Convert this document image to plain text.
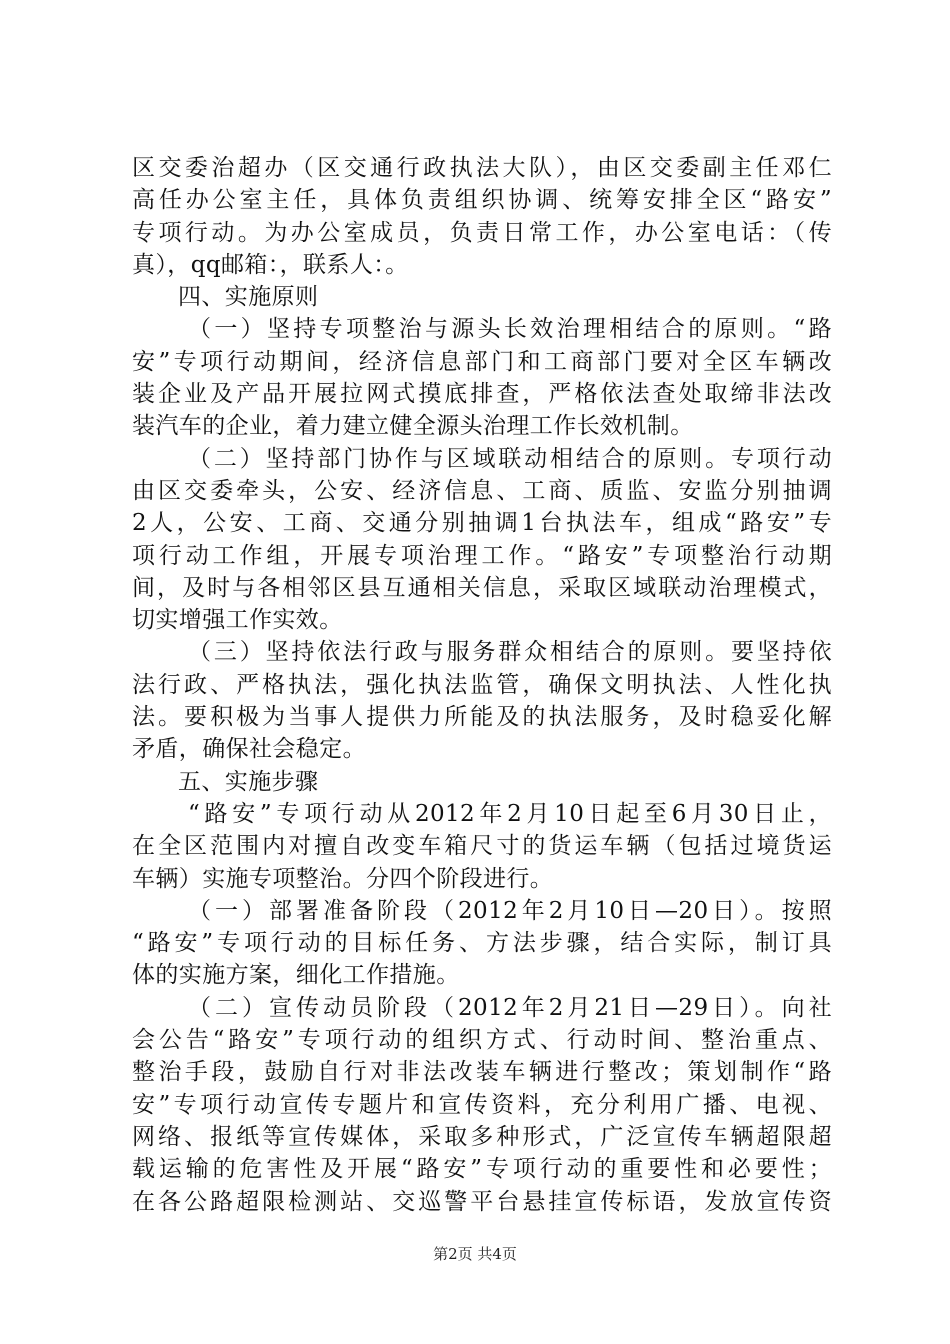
区交委治超办（区交通行政执法大队），由区交委副主任邓仁
高任办公室主任，具体负责组织协调、统筹安排全区“路安”
专项行动。为办公室成员，负责日常工作，办公室电话：（传
真），qq邮箱：，联系人：。
四、实施原则
（一）坚持专项整治与源头长效治理相结合的原则。“路
安”专项行动期间，经济信息部门和工商部门要对全区车辆改
装企业及产品开展拉网式摸底排查，严格依法查处取缔非法改
装汽车的企业，着力建立健全源头治理工作长效机制。
（二）坚持部门协作与区域联动相结合的原则。专项行动
由区交委牵头，公安、经济信息、工商、质监、安监分别抽调
2人，公安、工商、交通分别抽调1台执法车，组成“路安”专
项行动工作组，开展专项治理工作。“路安”专项整治行动期
间，及时与各相邻区县互通相关信息，采取区域联动治理模式，
切实增强工作实效。
（三）坚持依法行政与服务群众相结合的原则。要坚持依
法行政、严格执法，强化执法监管，确保文明执法、人性化执
法。要积极为当事人提供力所能及的执法服务，及时稳妥化解
矛盾，确保社会稳定。
五、实施步骤
“路安”专项行动从2012年2月10日起至6月30日止，
在全区范围内对擅自改变车箱尺寸的货运车辆（包括过境货运
车辆）实施专项整治。分四个阶段进行。
（一）部署准备阶段（2012年2月10日—20日）。按照
“路安”专项行动的目标任务、方法步骤，结合实际，制订具
体的实施方案，细化工作措施。
（二）宣传动员阶段（2012年2月21日—29日）。向社
会公告“路安”专项行动的组织方式、行动时间、整治重点、
整治手段，鼓励自行对非法改装车辆进行整改；策划制作“路
安”专项行动宣传专题片和宣传资料，充分利用广播、电视、
网络、报纸等宣传媒体，采取多种形式，广泛宣传车辆超限超
载运输的危害性及开展“路安”专项行动的重要性和必要性；
在各公路超限检测站、交巡警平台悬挂宣传标语，发放宣传资
第2页 共4页
